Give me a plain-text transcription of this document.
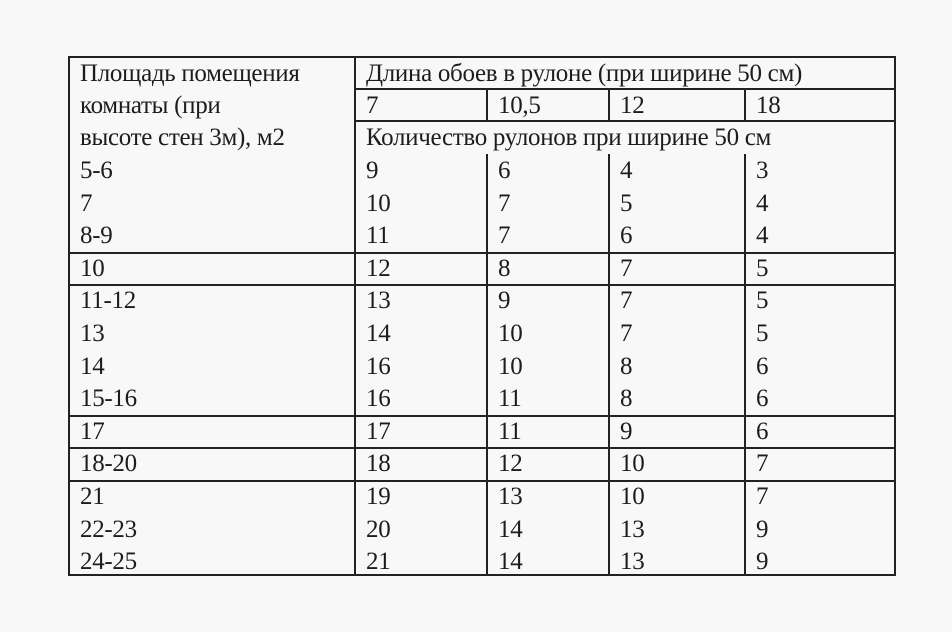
Площадь помещения
комнаты (при
высоте стен 3м), м2
Длина обоев в рулоне (при ширине 50 см)
Количество рулонов при ширине 50 см
7	10,5	12	18
5-6	9	6	4	3
7	10	7	5	4
8-9	11	7	6	4
10	12	8	7	5
11-12	13	9	7	5
13	14	10	7	5
14	16	10	8	6
15-16	16	11	8	6
17	17	11	9	6
18-20	18	12	10	7
21	19	13	10	7
22-23	20	14	13	9
24-25	21	14	13	9
